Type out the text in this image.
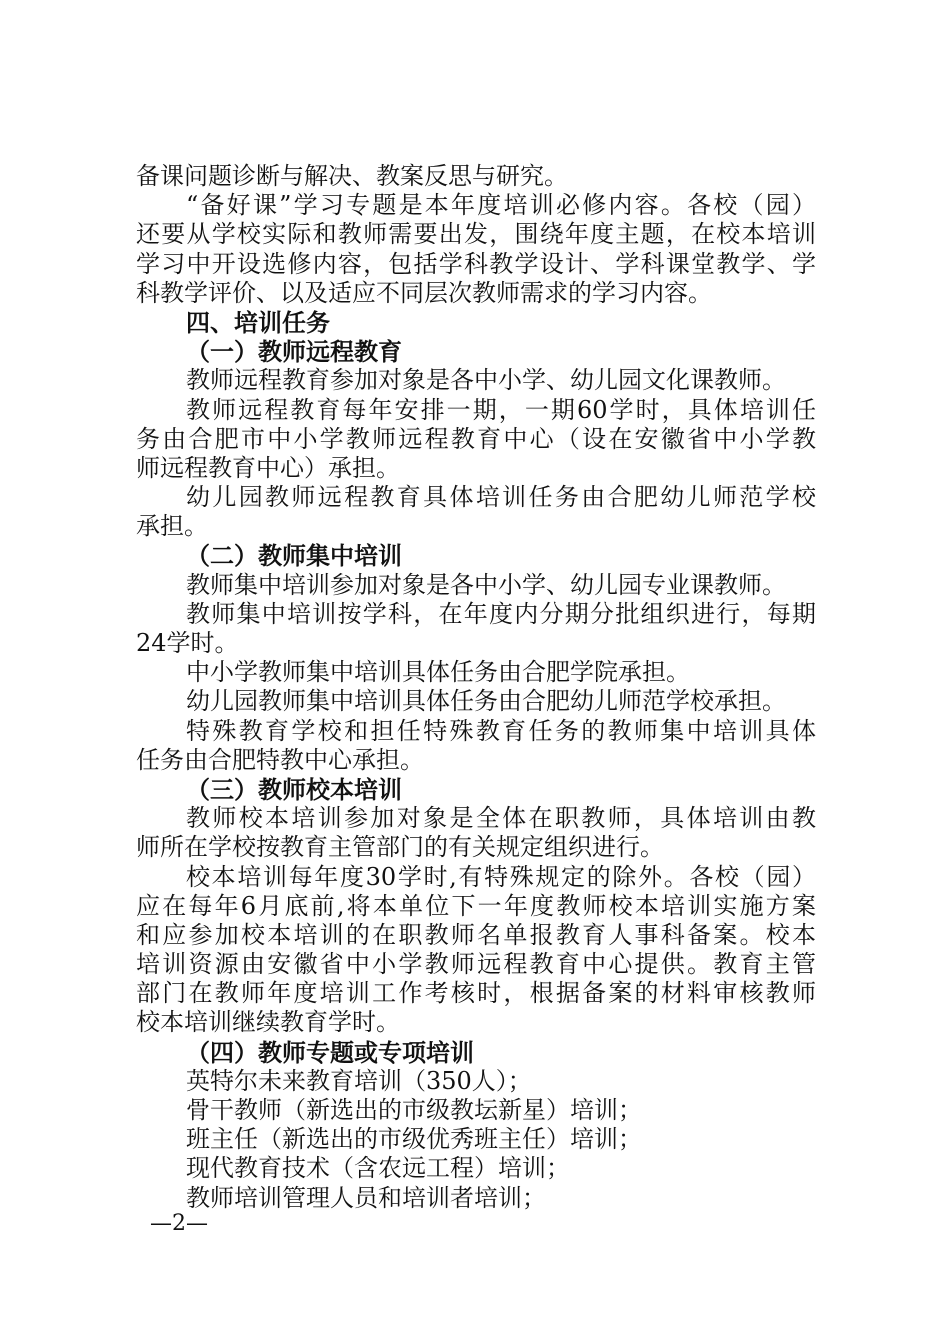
备课问题诊断与解决、教案反思与研究。
“备好课”学习专题是本年度培训必修内容。各校（园）
还要从学校实际和教师需要出发，围绕年度主题，在校本培训
学习中开设选修内容，包括学科教学设计、学科课堂教学、学
科教学评价、以及适应不同层次教师需求的学习内容。
四、培训任务
（一）教师远程教育
教师远程教育参加对象是各中小学、幼儿园文化课教师。
教师远程教育每年安排一期，一期60学时，具体培训任
务由合肥市中小学教师远程教育中心（设在安徽省中小学教
师远程教育中心）承担。
幼儿园教师远程教育具体培训任务由合肥幼儿师范学校
承担。
（二）教师集中培训
教师集中培训参加对象是各中小学、幼儿园专业课教师。
教师集中培训按学科，在年度内分期分批组织进行，每期
24学时。
中小学教师集中培训具体任务由合肥学院承担。
幼儿园教师集中培训具体任务由合肥幼儿师范学校承担。
特殊教育学校和担任特殊教育任务的教师集中培训具体
任务由合肥特教中心承担。
（三）教师校本培训
教师校本培训参加对象是全体在职教师，具体培训由教
师所在学校按教育主管部门的有关规定组织进行。
校本培训每年度30学时,有特殊规定的除外。各校（园）
应在每年6月底前,将本单位下一年度教师校本培训实施方案
和应参加校本培训的在职教师名单报教育人事科备案。校本
培训资源由安徽省中小学教师远程教育中心提供。教育主管
部门在教师年度培训工作考核时，根据备案的材料审核教师
校本培训继续教育学时。
（四）教师专题或专项培训
英特尔未来教育培训（350人）；
骨干教师（新选出的市级教坛新星）培训；
班主任（新选出的市级优秀班主任）培训；
现代教育技术（含农远工程）培训；
教师培训管理人员和培训者培训；
—2—
